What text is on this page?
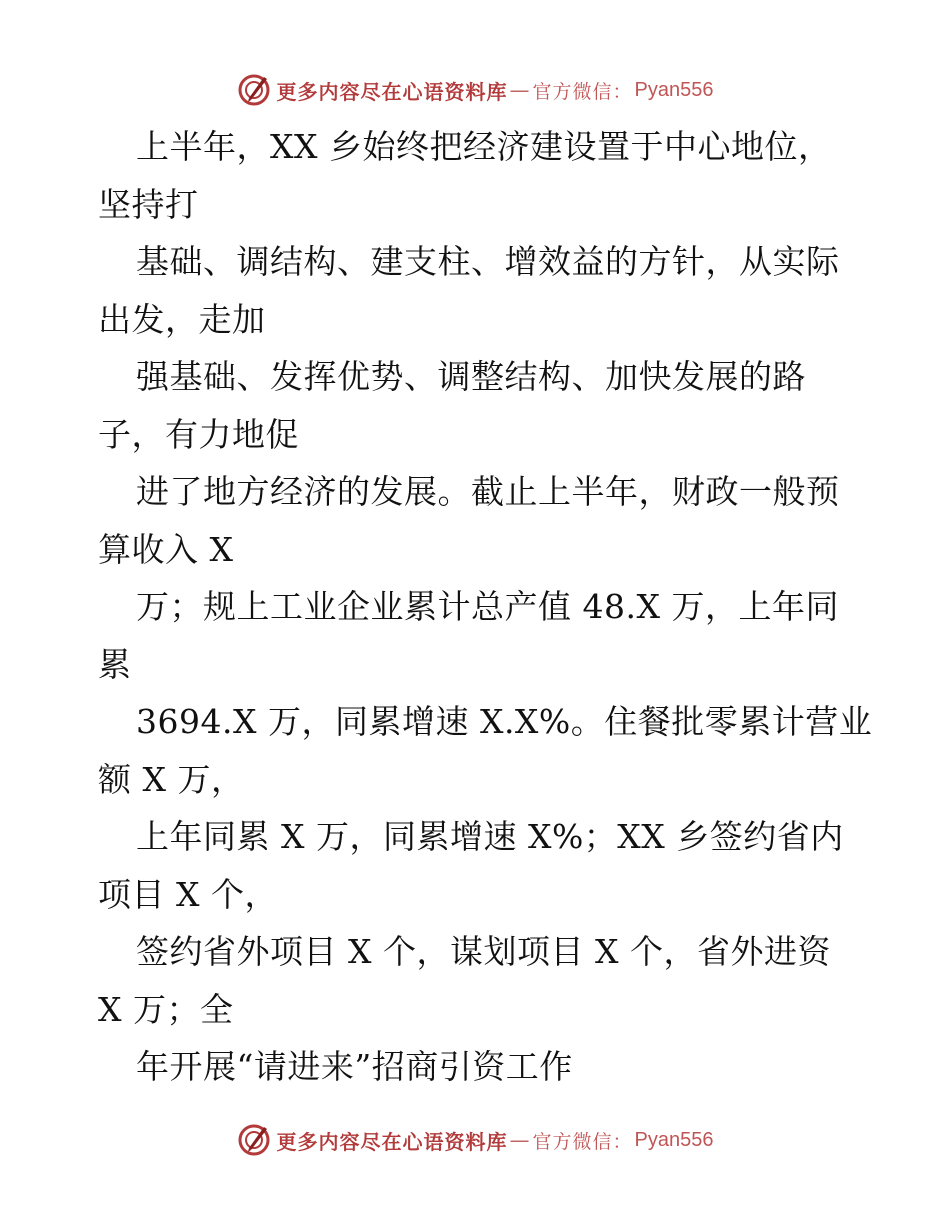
更多内容尽在心语资料库 — 官方微信： Pyan556
上半年，XX 乡始终把经济建设置于中心地位，
坚持打
基础、调结构、建支柱、增效益的方针，从实际
出发，走加
强基础、发挥优势、调整结构、加快发展的路
子，有力地促
进了地方经济的发展。截止上半年，财政一般预
算收入 X
万；规上工业企业累计总产值 48.X 万，上年同
累
3694.X 万，同累增速 X.X%。住餐批零累计营业
额 X 万，
上年同累 X 万，同累增速 X%；XX 乡签约省内
项目 X 个，
签约省外项目 X 个，谋划项目 X 个，省外进资
X 万；全
年开展“请进来”招商引资工作
更多内容尽在心语资料库 — 官方微信： Pyan556
